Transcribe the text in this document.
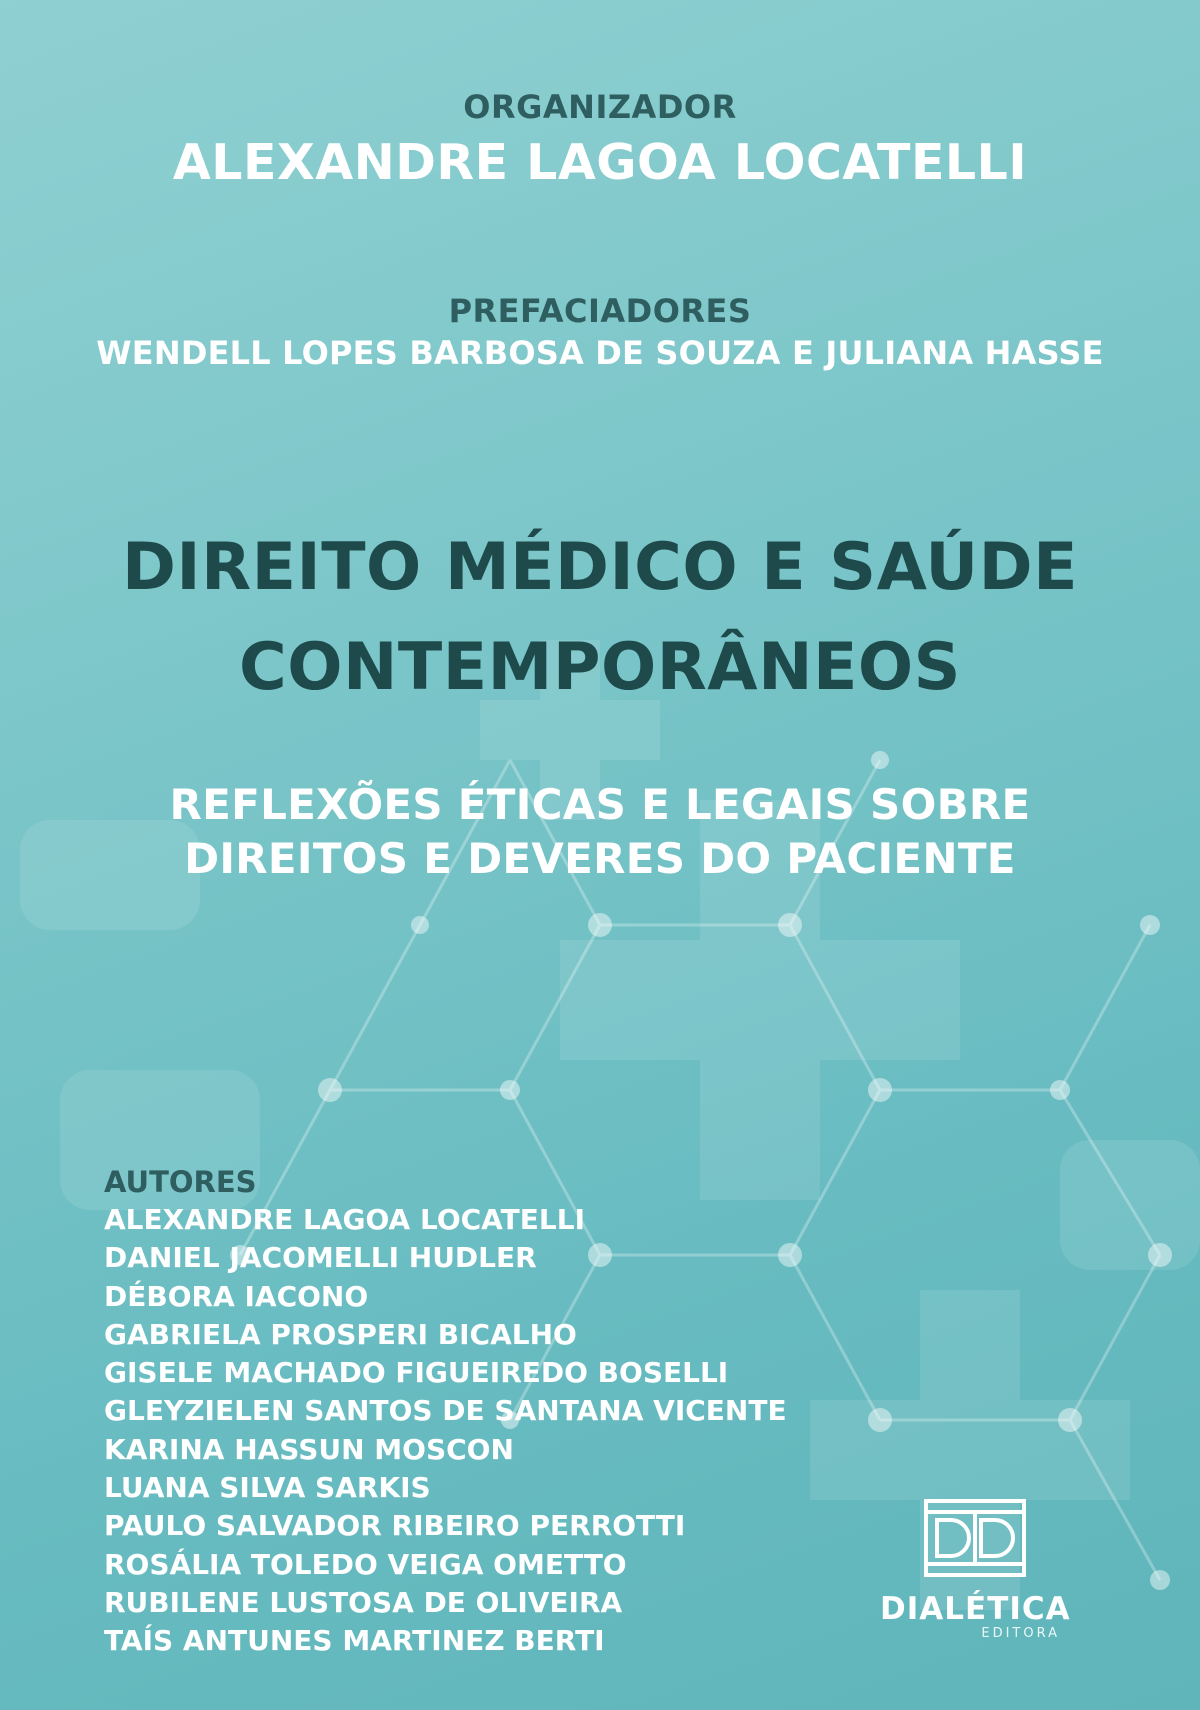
ORGANIZADOR
ALEXANDRE LAGOA LOCATELLI
PREFACIADORES
WENDELL LOPES BARBOSA DE SOUZA E JULIANA HASSE
DIREITO MÉDICO E SAÚDE
CONTEMPORÂNEOS
REFLEXÕES ÉTICAS E LEGAIS SOBRE
DIREITOS E DEVERES DO PACIENTE
AUTORES
ALEXANDRE LAGOA LOCATELLI
DANIEL JACOMELLI HUDLER
DÉBORA IACONO
GABRIELA PROSPERI BICALHO
GISELE MACHADO FIGUEIREDO BOSELLI
GLEYZIELEN SANTOS DE SANTANA VICENTE
KARINA HASSUN MOSCON
LUANA SILVA SARKIS
PAULO SALVADOR RIBEIRO PERROTTI
ROSÁLIA TOLEDO VEIGA OMETTO
RUBILENE LUSTOSA DE OLIVEIRA
TAÍS ANTUNES MARTINEZ BERTI
DIALÉTICA
EDITORA
